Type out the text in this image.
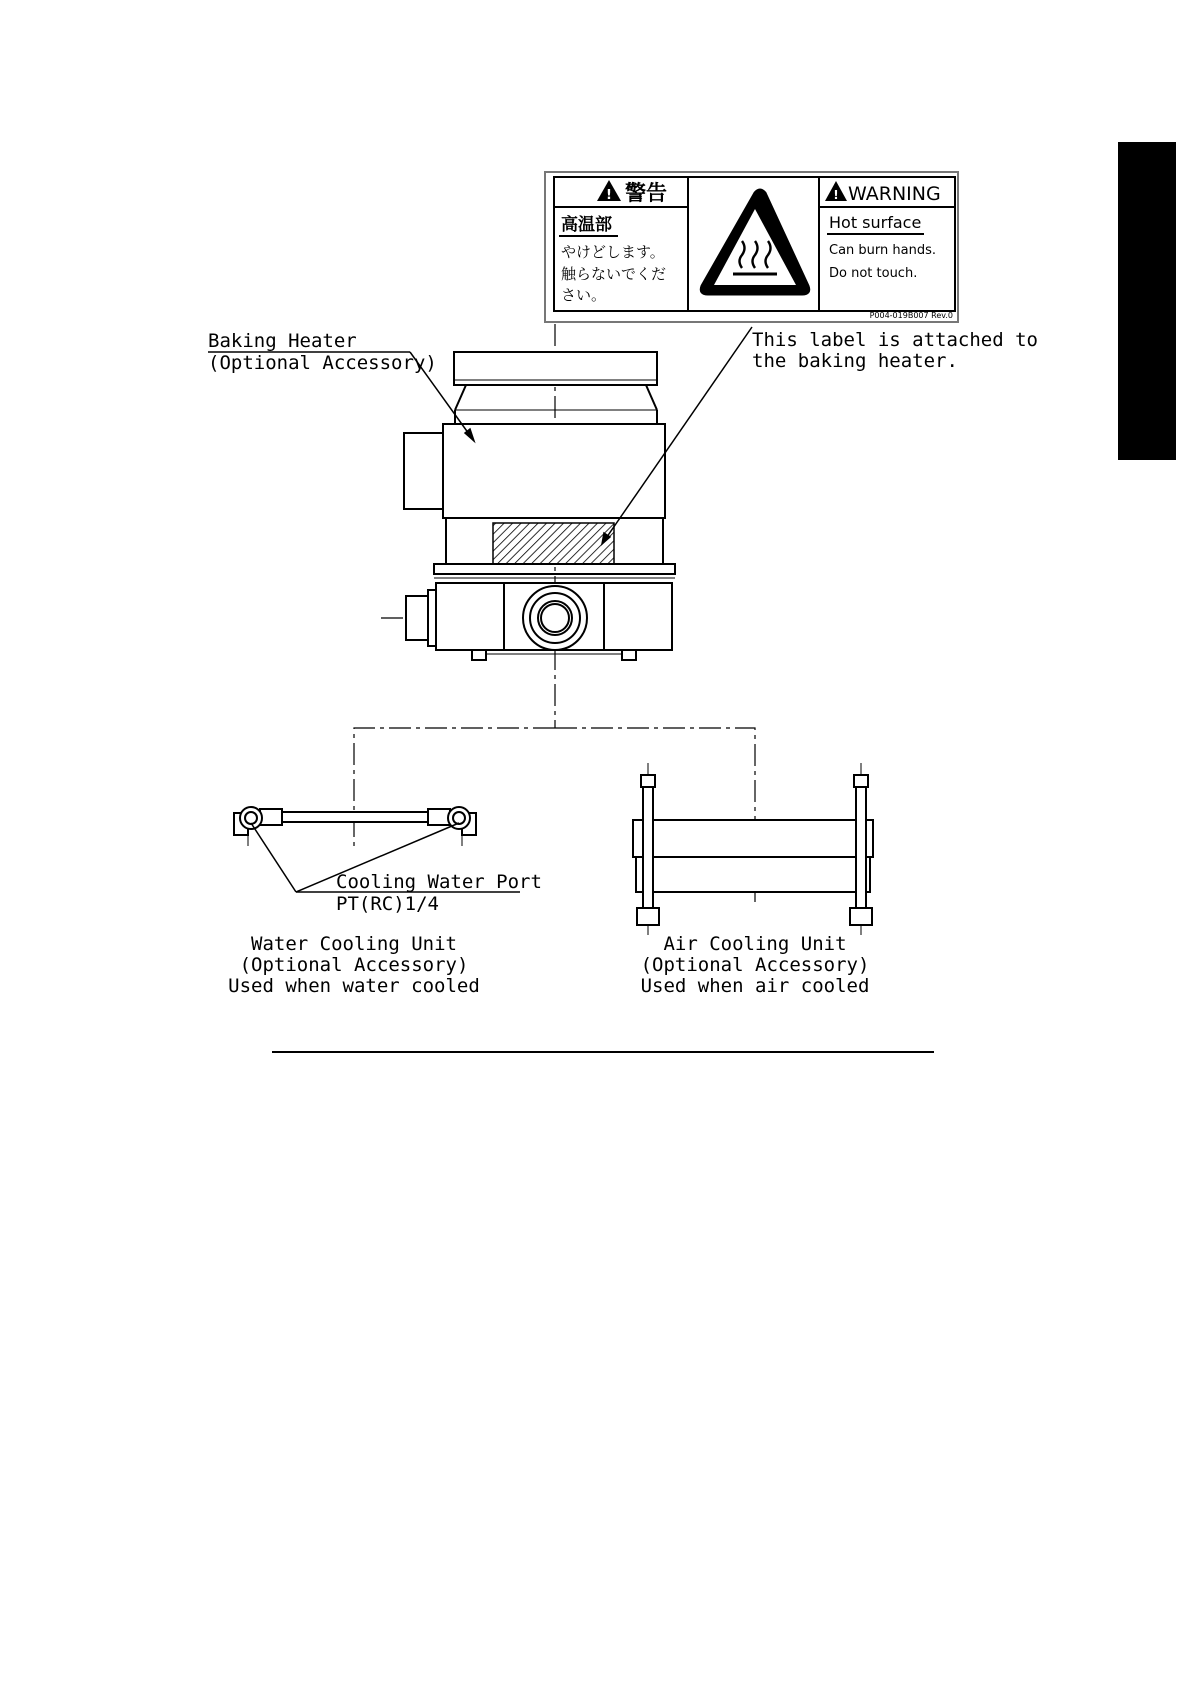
! 警告
高温部
やけどします。
触らないでくだ
さい。
! WARNING
Hot surface
Can burn hands.
Do not touch.
P004-019B007 Rev.0
Baking Heater
(Optional Accessory)
This label is attached to
the baking heater.
Cooling Water Port
PT(RC)1/4
Water Cooling Unit
(Optional Accessory)
Used when water cooled
Air Cooling Unit
(Optional Accessory)
Used when air cooled
